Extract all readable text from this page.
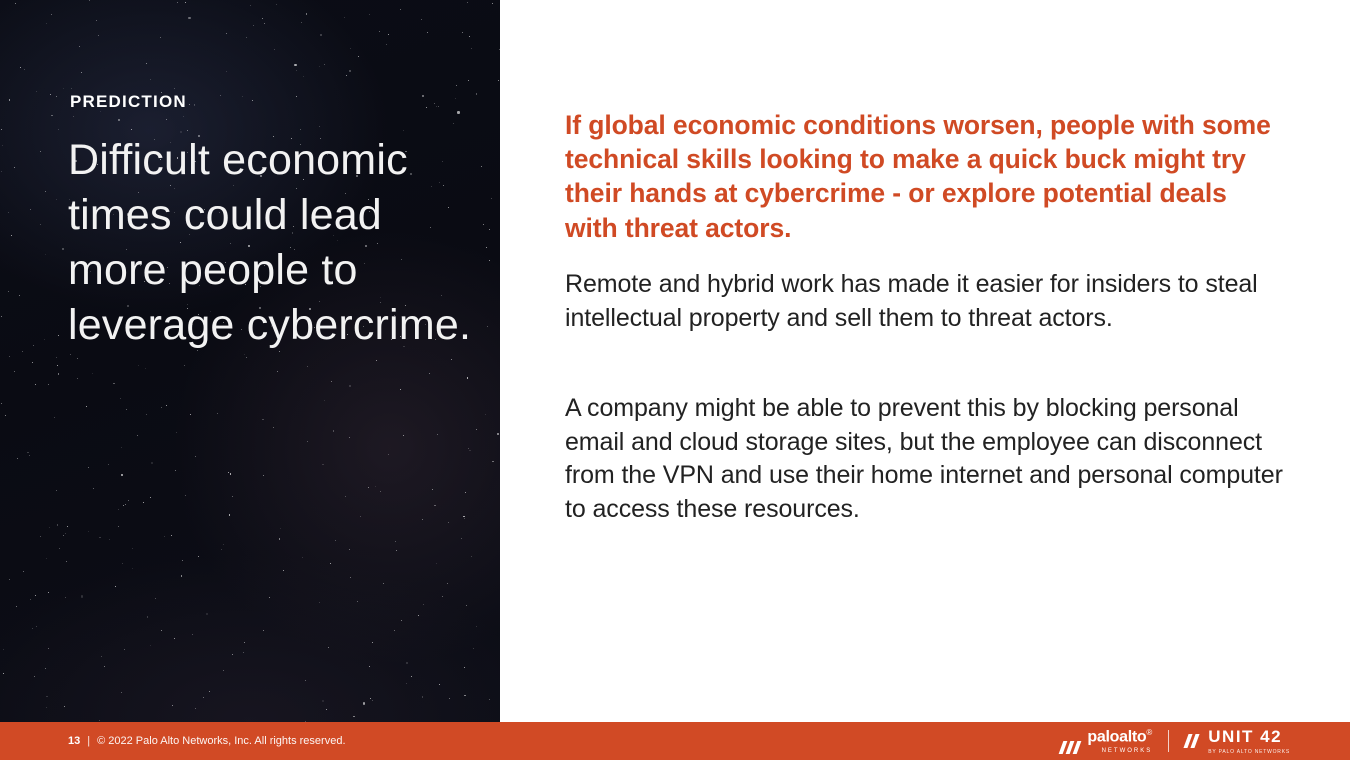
PREDICTION
Difficult economic times could lead more people to leverage cybercrime.
If global economic conditions worsen, people with some technical skills looking to make a quick buck might try their hands at cybercrime - or explore potential deals with threat actors.
Remote and hybrid work has made it easier for insiders to steal intellectual property and sell them to threat actors.
A company might be able to prevent this by blocking personal email and cloud storage sites, but the employee can disconnect from the VPN and use their home internet and personal computer to access these resources.
13 | © 2022 Palo Alto Networks, Inc. All rights reserved.	paloalto®
NETWORKS
UNIT 42
BY PALO ALTO NETWORKS
